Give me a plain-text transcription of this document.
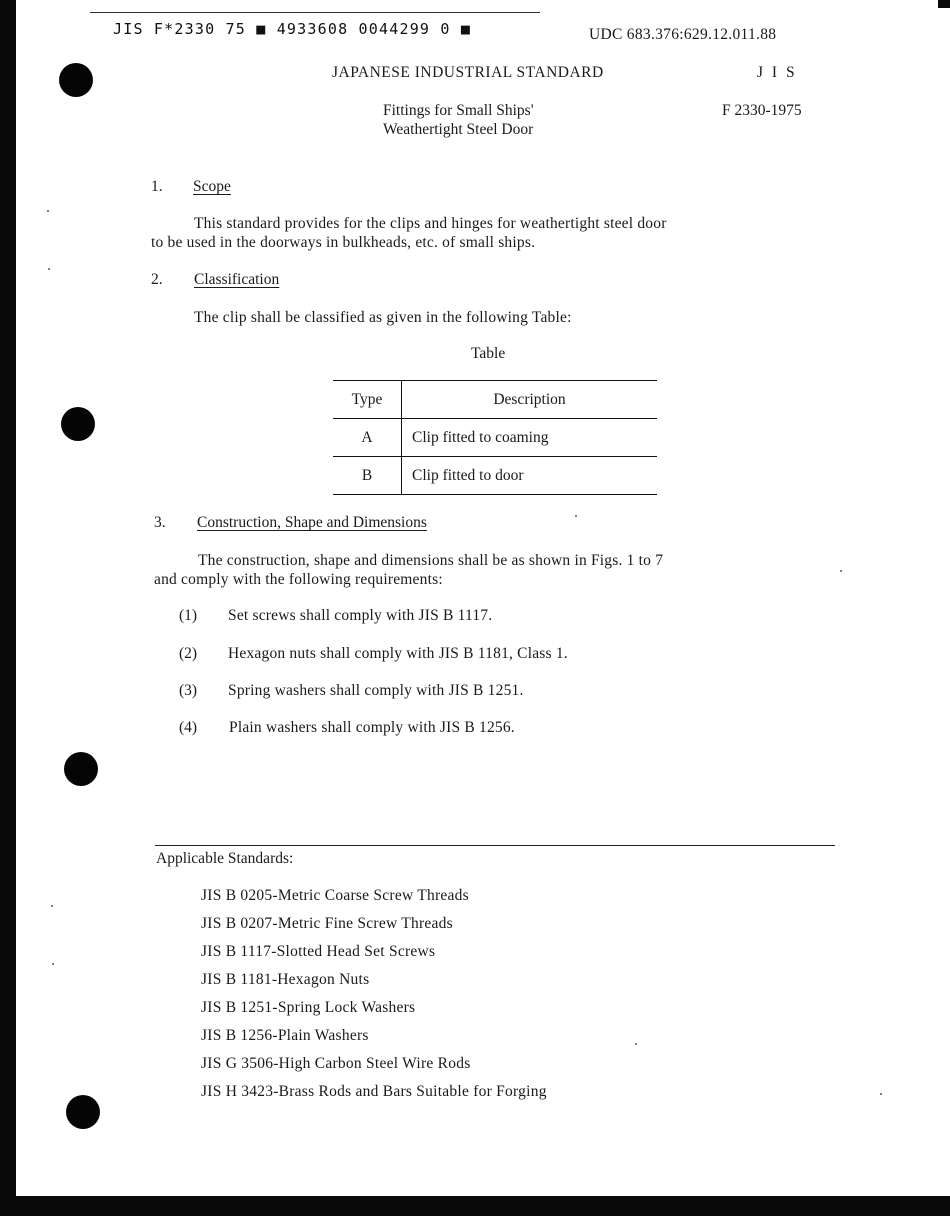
JIS F*2330 75 ■ 4933608 0044299 0 ■	UDC 683.376:629.12.011.88
JAPANESE INDUSTRIAL STANDARD	J I S
Fittings for Small Ships'
Weathertight Steel Door
F 2330-1975
1. Scope
This standard provides for the clips and hinges for weathertight steel door
to be used in the doorways in bulkheads, etc. of small ships.
2. Classification
The clip shall be classified as given in the following Table:
Table
Type	Description
A	Clip fitted to coaming
B	Clip fitted to door
3. Construction, Shape and Dimensions
The construction, shape and dimensions shall be as shown in Figs. 1 to 7
and comply with the following requirements:
(1) Set screws shall comply with JIS B 1117.
(2) Hexagon nuts shall comply with JIS B 1181, Class 1.
(3) Spring washers shall comply with JIS B 1251.
(4) Plain washers shall comply with JIS B 1256.
Applicable Standards:
JIS B 0205-Metric Coarse Screw Threads
JIS B 0207-Metric Fine Screw Threads
JIS B 1117-Slotted Head Set Screws
JIS B 1181-Hexagon Nuts
JIS B 1251-Spring Lock Washers
JIS B 1256-Plain Washers
JIS G 3506-High Carbon Steel Wire Rods
JIS H 3423-Brass Rods and Bars Suitable for Forging
